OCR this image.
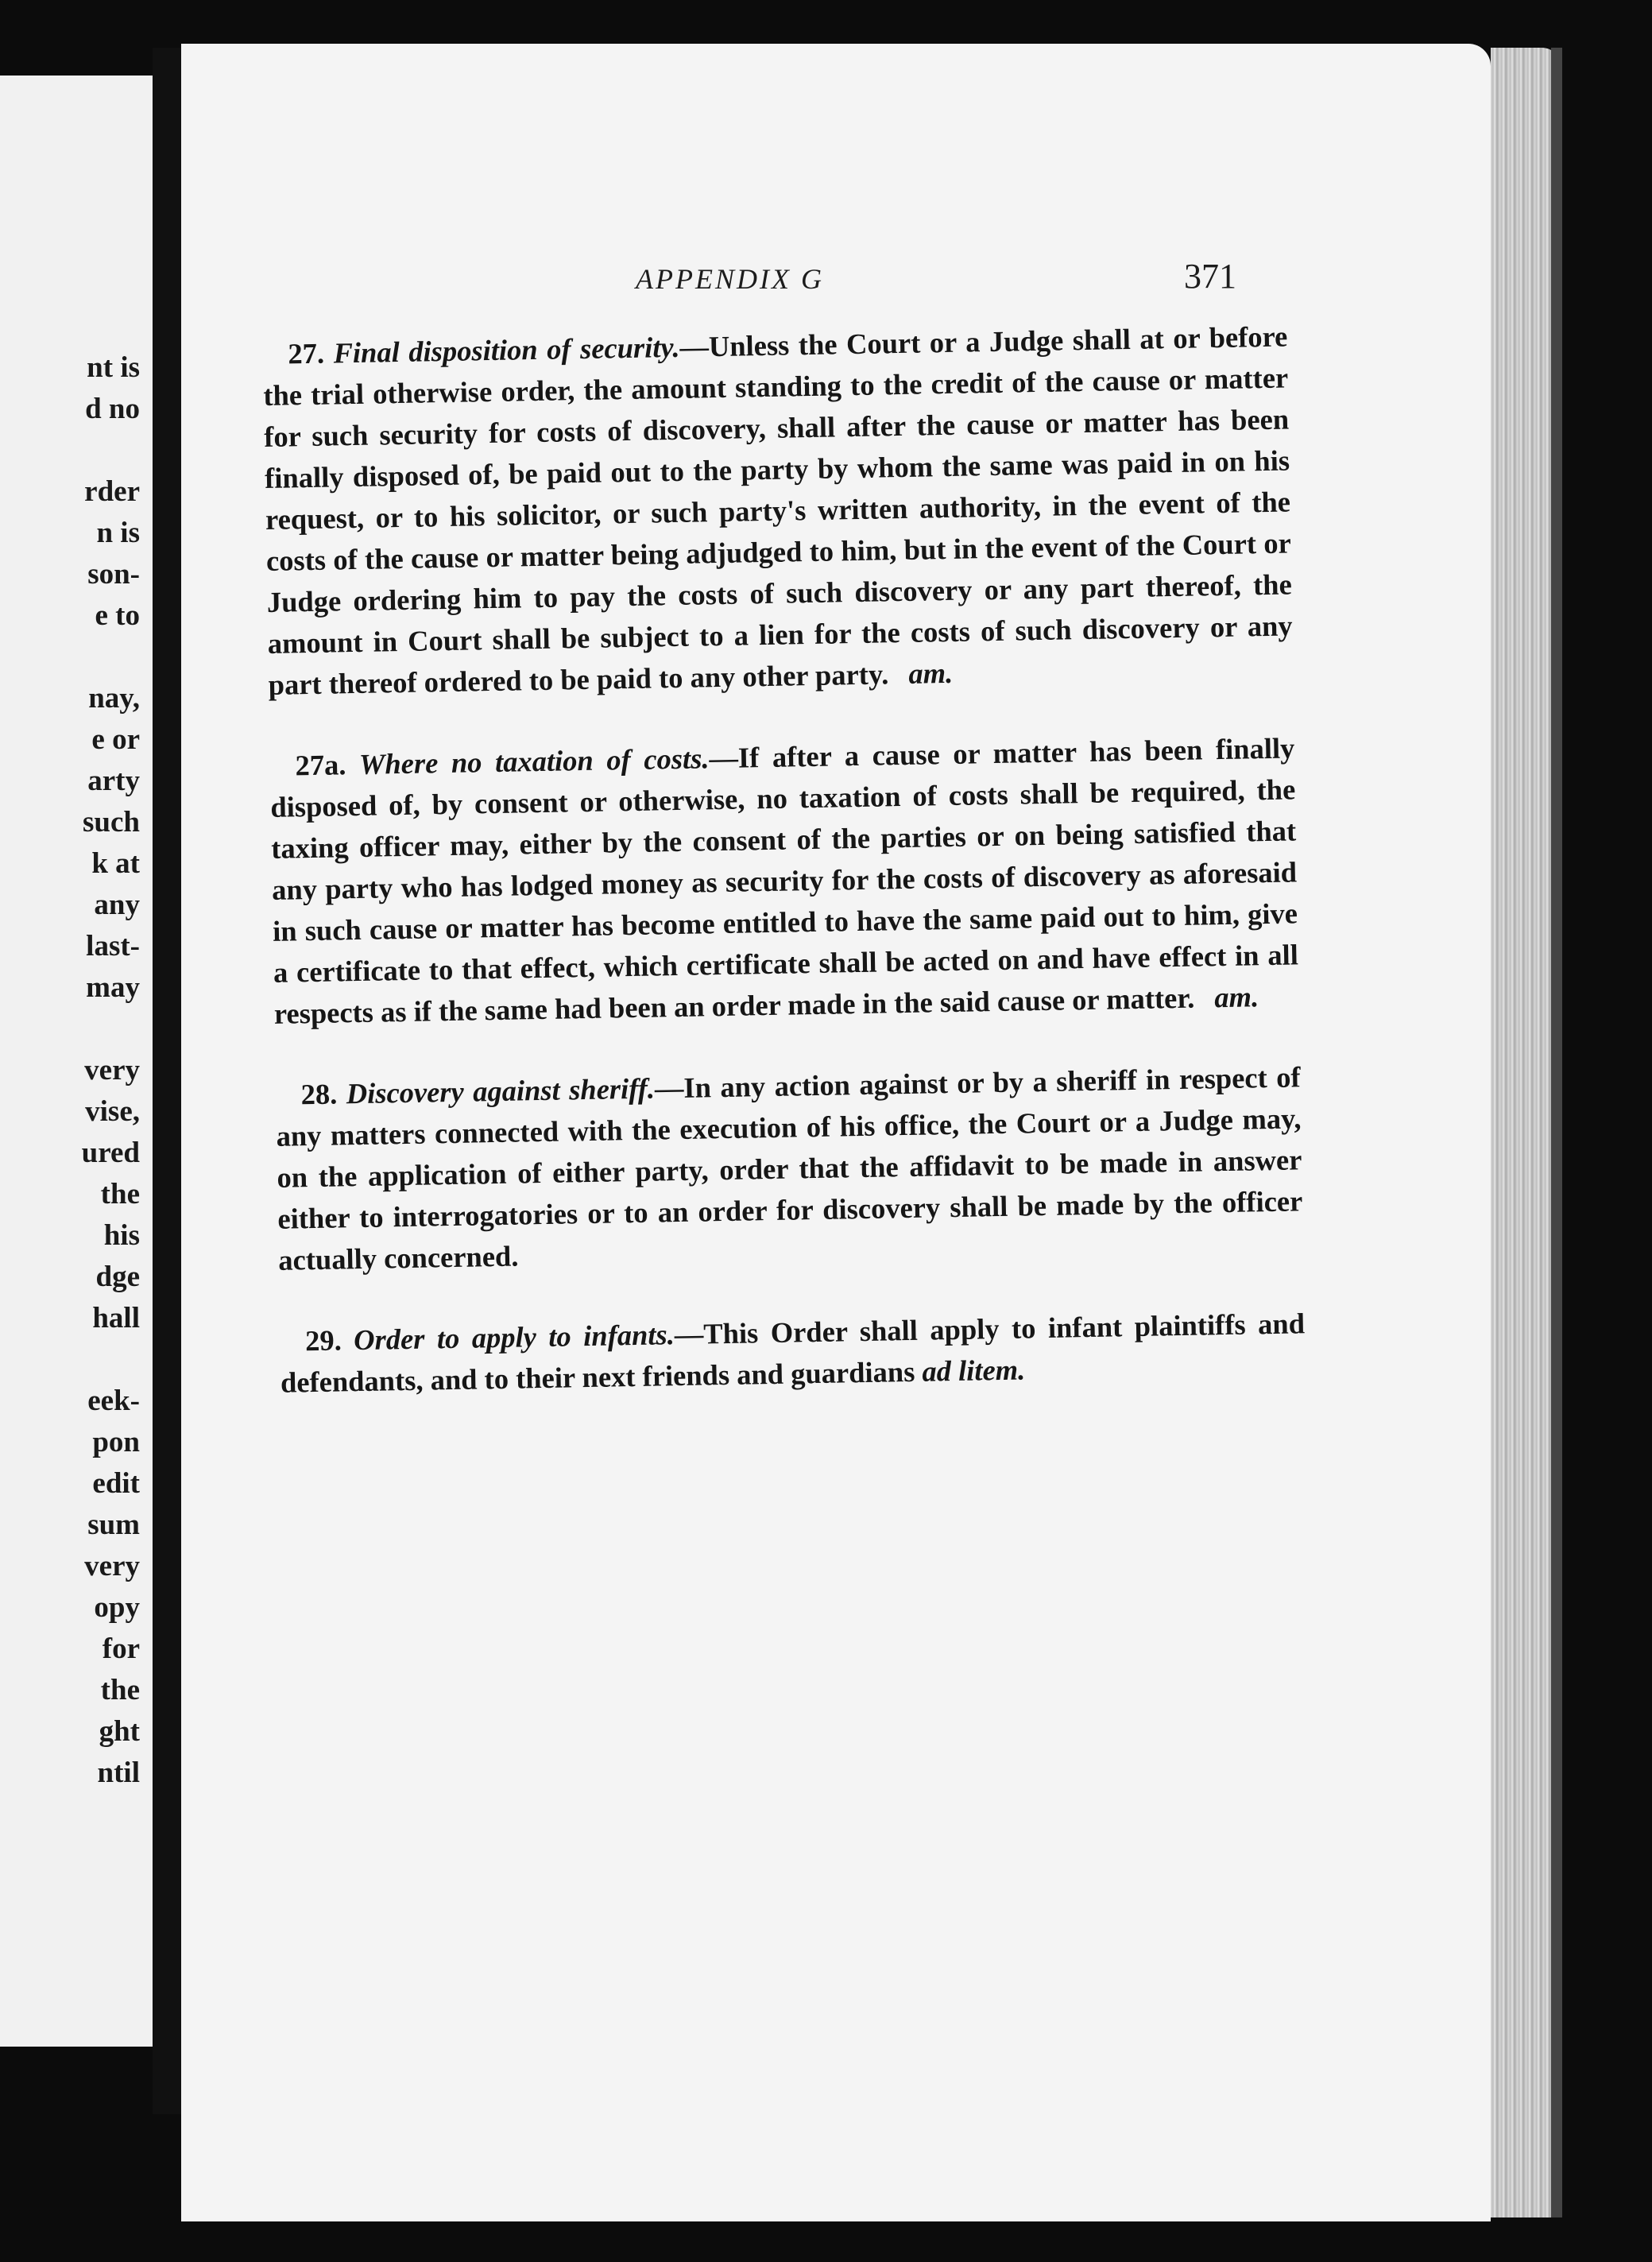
nt is
d no
rder
n is
son-
e to
nay,
e or
arty
such
k at
any
last-
may
very
vise,
ured
the
his
dge
hall
eek-
pon
edit
sum
very
opy
for
the
ght
ntil
APPENDIX G	371

27. Final disposition of security.—Unless the Court or a Judge shall at or before the trial otherwise order, the amount standing to the credit of the cause or matter for such security for costs of discovery, shall after the cause or matter has been finally disposed of, be paid out to the party by whom the same was paid in on his request, or to his solicitor, or such party's written authority, in the event of the costs of the cause or matter being adjudged to him, but in the event of the Court or Judge ordering him to pay the costs of such discovery or any part thereof, the amount in Court shall be subject to a lien for the costs of such discovery or any part thereof ordered to be paid to any other party. am.

27a. Where no taxation of costs.—If after a cause or matter has been finally disposed of, by consent or otherwise, no taxation of costs shall be required, the taxing officer may, either by the consent of the parties or on being satisfied that any party who has lodged money as security for the costs of discovery as aforesaid in such cause or matter has become entitled to have the same paid out to him, give a certificate to that effect, which certificate shall be acted on and have effect in all respects as if the same had been an order made in the said cause or matter. am.

28. Discovery against sheriff.—In any action against or by a sheriff in respect of any matters connected with the execution of his office, the Court or a Judge may, on the application of either party, order that the affidavit to be made in answer either to interrogatories or to an order for discovery shall be made by the officer actually concerned.

29. Order to apply to infants.—This Order shall apply to infant plaintiffs and defendants, and to their next friends and guardians ad litem.
